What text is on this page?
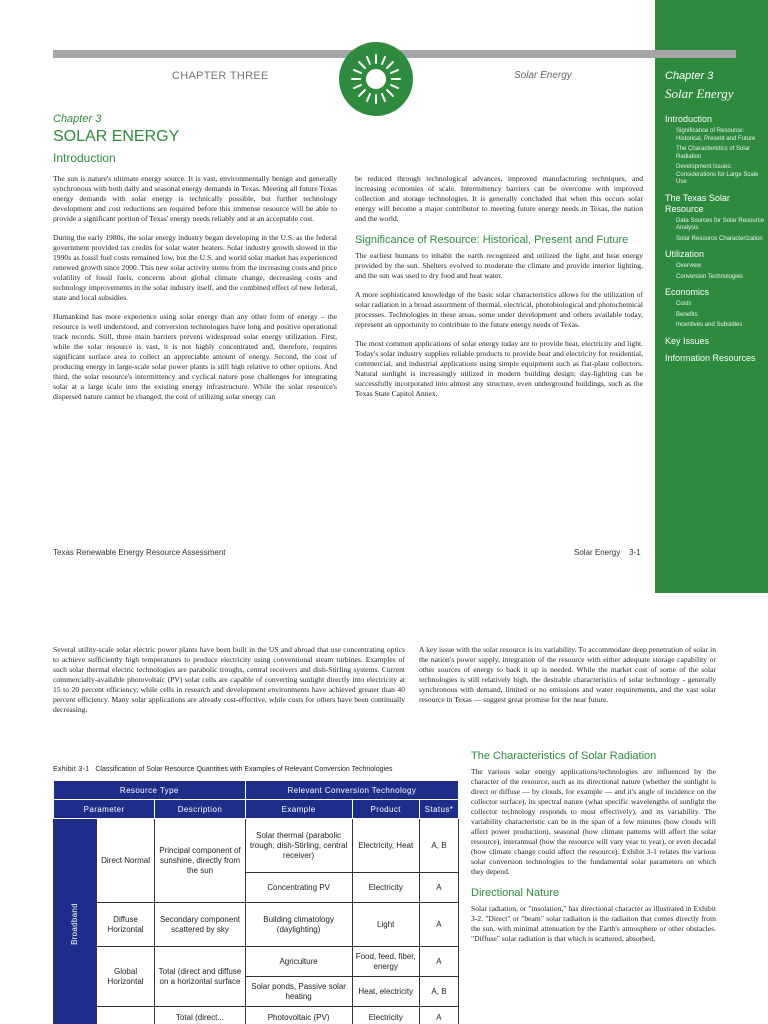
Chapter 3
Solar Energy
Introduction
Significance of Resource: Historical, Present and Future
The Characteristics of Solar Radiation
Development Issues: Considerations for Large Scale Use
The Texas Solar Resource
Data Sources for Solar Resource Analysis
Solar Resource Characterization
Utilization
Overview
Conversion Technologies
Economics
Costs
Benefits
Incentives and Subsidies
Key Issues
Information Resources
CHAPTER THREE	Solar Energy
Chapter 3
SOLAR ENERGY
Introduction

The sun is nature's ultimate energy source. It is vast, environmentally benign and generally synchronous with both daily and seasonal energy demands in Texas. Meeting all future Texas energy demands with solar energy is technically possible, but further technology development and cost reductions are required before this immense resource will be able to provide a significant portion of Texas' energy needs reliably and at an acceptable cost.

During the early 1980s, the solar energy industry began developing in the U.S. as the federal government provided tax credits for solar water heaters. Solar industry growth slowed in the 1990s as fossil fuel costs remained low, but the U.S. and world solar market has experienced renewed growth since 2000. This new solar activity stems from the increasing costs and price volatility of fossil fuels, concerns about global climate change, decreasing costs and technology improvements in the solar industry itself, and the combined effect of new federal, state and local subsidies.

Humankind has more experience using solar energy than any other form of energy – the resource is well understood, and conversion technologies have long and positive operational track records. Still, three main barriers prevent widespread solar energy utilization. First, while the solar resource is vast, it is not highly concentrated and, therefore, requires significant surface area to collect an appreciable amount of energy. Second, the cost of producing energy in large-scale solar power plants is still high relative to other options. And third, the solar resource's intermittency and cyclical nature pose challenges for integrating solar at a large scale into the existing energy infrastructure. While the solar resource's dispersed nature cannot be changed, the cost of utilizing solar energy can

be reduced through technological advances, improved manufacturing techniques, and increasing economies of scale. Intermittency barriers can be overcome with improved collection and storage technologies. It is generally concluded that when this occurs solar energy will become a major contributor to meeting future energy needs in Texas, the nation and the world.

Significance of Resource: Historical, Present and Future

The earliest humans to inhabit the earth recognized and utilized the light and heat energy provided by the sun. Shelters evolved to moderate the climate and provide interior lighting, and the sun was used to dry food and heat water.

A more sophisticated knowledge of the basic solar characteristics allows for the utilization of solar radiation in a broad assortment of thermal, electrical, photobiological and photochemical processes. Technologies in these areas, some under development and others available today, represent an opportunity to contribute to the future energy needs of Texas.

The most common applications of solar energy today are to provide heat, electricity and light. Today's solar industry supplies reliable products to provide heat and electricity for residential, commercial, and industrial applications using simple equipment such as flat-plate collectors. Natural sunlight is increasingly utilized in modern building design; day-lighting can be successfully incorporated into almost any structure, even underground buildings, such as the Texas State Capitol Annex.

Texas Renewable Energy Resource Assessment	Solar Energy    3-1

Several utility-scale solar electric power plants have been built in the US and abroad that use concentrating optics to achieve sufficiently high temperatures to produce electricity using conventional steam turbines. Examples of such solar thermal electric technologies are parabolic troughs, central receivers and dish-Stirling systems. Current commercially-available photovoltaic (PV) solar cells are capable of converting sunlight directly into electricity at 15 to 20 percent efficiency, while cells in research and development environments have achieved greater than 40 percent efficiency. Many solar applications are already cost-effective, while costs for others have been continually decreasing.

A key issue with the solar resource is its variability. To accommodate deep penetration of solar in the nation's power supply, integration of the resource with either adequate storage capability or other sources of energy to back it up is needed. While the market cost of some of the solar technologies is still relatively high, the desirable characteristics of solar technology - generally synchronous with demand, limited or no emissions and water requirements, and the vast solar resource in Texas — suggest great promise for the near future.

The Characteristics of Solar Radiation

The various solar energy applications/technologies are influenced by the character of the resource, such as its directional nature (whether the sunlight is direct or diffuse — by clouds, for example — and it's angle of incidence on the collector surface), its spectral nature (what specific wavelengths of sunlight the collector technology responds to most effectively), and its variability. The variability characteristic can be in the span of a few minutes (how clouds will affect power production), seasonal (how climate patterns will affect the solar resource), interannual (how the resource will vary year to year), or even decadal (how climate change could affect the resource). Exhibit 3-1 relates the various solar conversion technologies to the fundamental solar parameters on which they depend.

Directional Nature

Solar radiation, or "insolation," has directional character as illustrated in Exhibit 3-2. "Direct" or "beam" solar radiation is the radiation that comes directly from the sun, with minimal attenuation by the Earth's atmosphere or other obstacles. "Diffuse" solar radiation is that which is scattered, absorbed,

Exhibit 3-1 Classification of Solar Resource Quantities with Examples of Relevant Conversion Technologies
Resource Type			Relevant Conversion Technology		
Parameter		Description	Example	Product	Status*
Broadband	Direct Normal	Principal component of sunshine, directly from the sun	Solar thermal (parabolic trough, dish-Stirling, central receiver)	Electricity, Heat	A, B
			Concentrating PV	Electricity	A
	Diffuse Horizontal	Secondary component scattered by sky	Building climatology (daylighting)	Light	A
	Global Horizontal	Total (direct and diffuse on a horizontal surface	Agriculture	Food, feed, fiber, energy	A
			Solar ponds, Passive solar heating	Heat, electricity	A, B
		Total (direct...	Photovoltaic (PV)	Electricity	A
